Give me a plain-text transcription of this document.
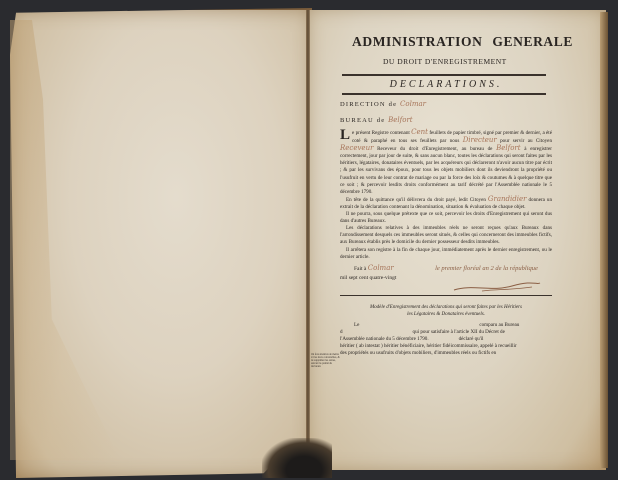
On fera attention de mettre ici les mots convenables, & de supprimer les autres, suivant la qualité du déclarant.
ADMINISTRATION GENERALE
DU DROIT D'ENREGISTREMENT
DECLARATIONS.
DIRECTION de Colmar
BUREAU de Belfort

L e présent Registre contenant Cent feuillets de papier timbré, signé par premier & dernier, a été coté & paraphé en tous ses feuillets par nous Directeur pour servir au Citoyen Receveur Receveur du droit d'Enregistrement, au bureau de Belfort à enregistrer correctement, jour par jour de suite, & sans aucun blanc, toutes les déclarations qui seront faites par les héritiers, légataires, donataires éventuels, par les acquéreurs qui déclareront n'avoir aucun titre par écrit ; & par les survivans des époux, pour tous les objets mobiliers dont ils deviendront la propriété ou l'usufruit en vertu de leur contrat de mariage ou par la force des loix & coutumes & à quelque titre que ce soit ; & percevoir lesdits droits conformément au tarif décrété par l'Assemblée nationale le 5 décembre 1790.

En tête de la quittance qu'il délivrera du droit payé, ledit Citoyen Grandidier donnera un extrait de la déclaration contenant la dénomination, situation & évaluation de chaque objet.

Il ne pourra, sous quelque prétexte que ce soit, percevoir les droits d'Enregistrement qui seront dus dans d'autres Bureaux.

Les déclarations relatives à des immeubles réels ne seront reçues qu'aux Bureaux dans l'arrondissement desquels ces immeubles seront situés, & celles qui concerneront des immeubles fictifs, aux Bureaux établis près le domicile du dernier possesseur desdits immeubles.

Il arrêtera son registre à la fin de chaque jour, immédiatement après le dernier enregistrement, ou le dernier article.

Fait à Colmar	le premier floréal an 2 de la république
mil sept cent quatre-vingt
Modèle d'Enregistrement des déclarations qui seront faites par les Héritiers
les Légataires & Donataires éventuels.
Le	comparu au Bureau
d	qui pour satisfaire à l'article XII du Décret de
l'Assemblée nationale du 5 décembre 1790.	déclaré qu'il
héritier ( ab intestat ) héritier bénéficiaire, héritier fidéicommissaire, appelé à recueillir
des propriétés ou usufruits d'objets mobiliers, d'immeubles réels ou fictifs en
